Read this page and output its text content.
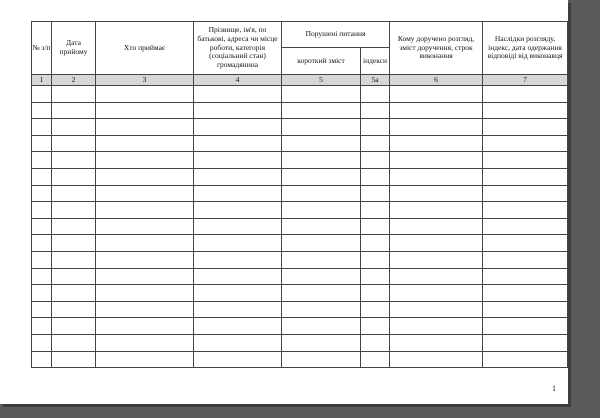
№ з/п	Дата прийому	Хто приймає	Прізвище, ім'я, по батькові, адреса чи місце роботи, категорія (соціальний стан) громадянина	Порушені питання		Кому доручено розгляд, зміст доручення, строк виконання	Наслідки розгляду, індекс, дата одержання відповіді від виконавця
				короткий зміст	індекси		
1	2	3	4	5	5а	6	7

1
